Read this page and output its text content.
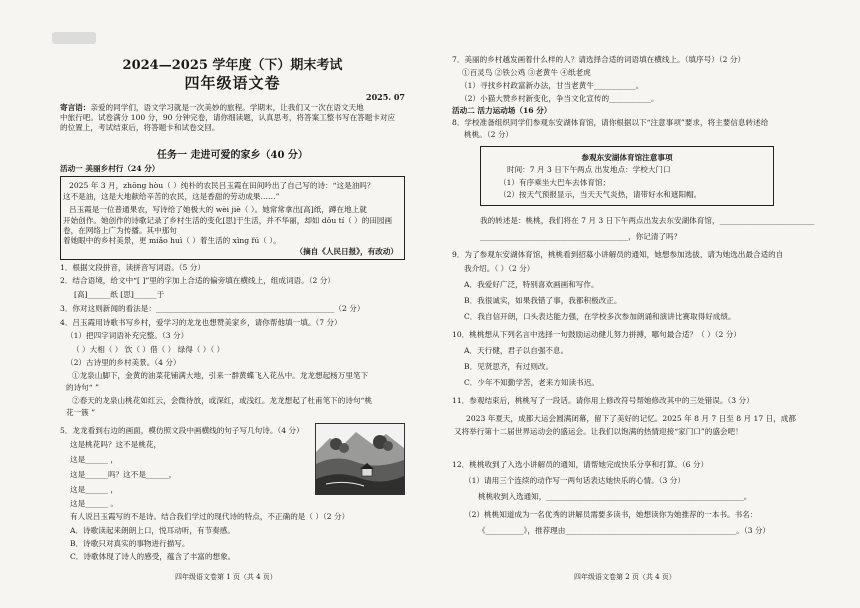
2024—2025 学年度（下）期末考试
四年级语文卷
2025. 07
寄言语：亲爱的同学们，语文学习就是一次美妙的旅程。学期末，让我们又一次在语文天地
中旅行吧。试卷满分 100 分，90 分钟完卷，请你细读题，认真思考，将答案工整书写在答题卡对应
的位置上，考试结束后，将答题卡和试卷交回。
任务一 走进可爱的家乡（40 分）
活动一 美丽乡村行（24 分）
2025 年 3 月，zhōng hòu（ ）纯朴的农民吕玉霞在田间吟出了自己写的诗：“这是油吗？
这不是油，这是大地献给辛苦的农民，这是香甜的劳动成果……”
吕玉霞是一位普通果农，写诗给了她极大的 wèi jiè（ ）。她常常拿出[高]纸，蹲在地上就
开始创作。她创作的诗歌记录了乡村生活的变化[思]于生活，并不华丽，却如 dǒu tí（ ）的田园画卷，在网络上广为传播。其中那句
着她眼中的乡村美景，更 miǎo huì（ ）着生活的 xìng fú（ ）。
（摘自《人民日报》，有改动）
1．根据文段拼音，读拼音写词语。（5 分）
2．结合语境，给文中“[ ]”里的字加上合适的偏旁填在横线上，组成词语。（2 分）
[高]______纸 [思]______于
3．你对这则新闻的看法是：_______________________________________________（2 分）
4．吕玉霞用诗歌书写乡村，爱学习的龙龙也想赞美家乡，请你帮他填一填。（7 分）
（1）把四字词语补充完整。（3 分）
（ ）大相（ ） 饮（ ）借（ ） 绿得（ ）（ ）
（2）古诗里的乡村美景。（4 分）
①龙泉山脚下，金黄的油菜花铺满大地，引来一群黄蝶飞入花丛中。龙龙想起杨万里笔下
的诗句“ ”
②春天的龙泉山桃花如红云，会微待放，或深红，或浅红。龙龙想起了杜甫笔下的诗句“桃
花一簇 ”
5．龙龙看到右边的画面，模仿照文段中画横线的句子写几句诗。（4 分）
这是桃花吗？这不是桃花，
这是______ ，
这是______吗？这不是______，
这是______ ，
这是______ 。
有人说吕玉霞写的不是诗。结合我们学过的现代诗的特点，不正确的是（ ）（2 分）
A．诗歌读起来朗朗上口，悦耳动听，有节奏感。
B．诗歌只对真实的事物进行描写。
C．诗歌体现了诗人的感受，蕴含了丰富的想象。
四年级语文卷第 1 页（共 4 页）
7．美丽的乡村越发画着什么样的人？请选择合适的词语填在横线上。（填序号）（2 分）
①百灵鸟 ②铁公鸡 ③老黄牛 ④纸老虎
（1）寻找乡村政富新办法，甘当老黄牛___________。
（2）小猫大赞乡村新变化，争当文化宣传的___________。
活动二 活力运动场（16 分）
8．学校准备组织同学们参观东安湖体育馆，请你根据以下“注意事项”要求，将主要信息转述给
桃桃。（2 分）
参观东安湖体育馆注意事项
时间：7 月 3 日下午两点 出发地点：学校大门口
（1）有序乘坐大巴车去体育馆；
（2）按天气预报显示，当天天气炎热，请带好水和遮阳帽。
我的转述是：桃桃，我们将在 7 月 3 日下午两点出发去东安湖体育馆，_________________________
_______________________________________，你记清了吗？
9．为了参观东安湖体育馆，桃桃看到招募小讲解员的通知，她想参加选拔，请为她选出最合适的自
我介绍。（ ）（2 分）
A．我爱好广泛，特别喜欢画画和写作。
B．我很诚实，如果我错了事，我都积极改正。
C．我自信开朗，口头表达能力强，在学校多次参加朗诵和演讲比赛取得好成绩。
10．桃桃想从下列名言中选择一句鼓励运动健儿努力拼搏，哪句最合适？（ ）（2 分）
A．天行健，君子以自强不息。
B．见贤思齐，有过则改。
C．少年不知勤学苦，老来方知读书迟。
11．参观结束后，桃桃写了一段话。请你用上修改符号帮她修改其中的三处错误。（3 分）
2023 年夏天，成都大运会圆满闭幕，留下了美好的记忆。2025 年 8 月 7 日至 8 月 17 日，成都
又将举行第十二届世界运动会的盛运会。让我们以饱满的热情迎接“家门口”的盛会吧！
12．桃桃收到了入选小讲解员的通知，请帮她完成快乐分享和打算。（6 分）
（1）请用三个连续的动作写一两句话表达她快乐的心情。（3 分）
桃桃收到入选通知，____________________________________________________。
（2）桃桃知道成为一名优秀的讲解员需要多读书，她想读你为她推荐的一本书。书名：
《__________》，推荐理由_____________________________________________。（3 分）
四年级语文卷第 2 页（共 4 页）
